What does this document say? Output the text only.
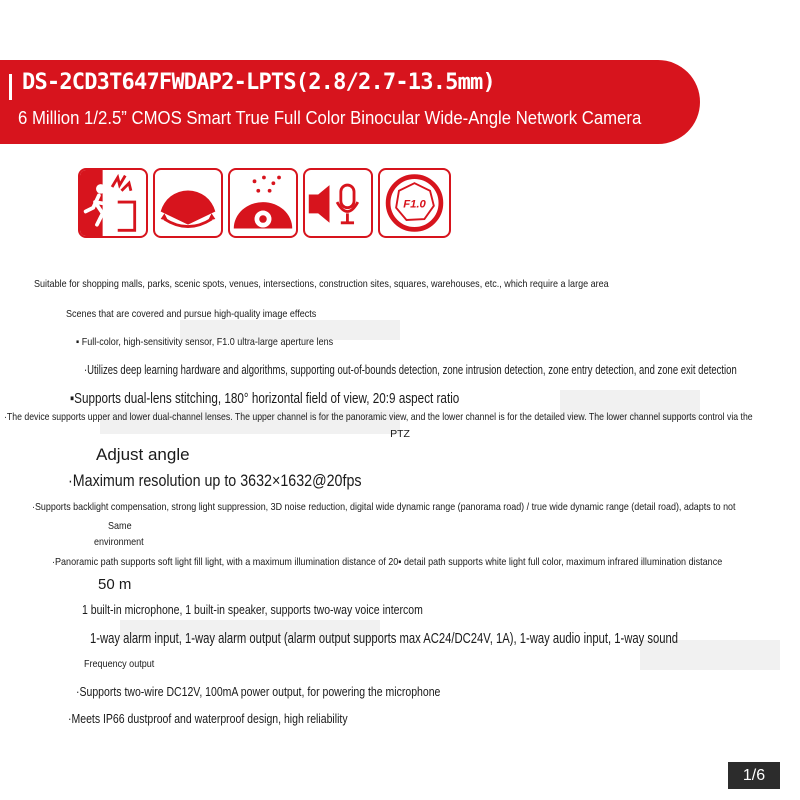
DS-2CD3T647FWDAP2-LPTS(2.8/2.7-13.5mm)
6 Million 1/2.5” CMOS Smart True Full Color Binocular Wide-Angle Network Camera
F1.0
Suitable for shopping malls, parks, scenic spots, venues, intersections, construction sites, squares, warehouses, etc., which require a large area
Scenes that are covered and pursue high-quality image effects
▪ Full-color, high-sensitivity sensor, F1.0 ultra-large aperture lens
·Utilizes deep learning hardware and algorithms, supporting out-of-bounds detection, zone intrusion detection, zone entry detection, and zone exit detection
▪Supports dual-lens stitching, 180° horizontal field of view, 20:9 aspect ratio
·The device supports upper and lower dual-channel lenses. The upper channel is for the panoramic view, and the lower channel is for the detailed view. The lower channel supports control via the
PTZ
Adjust angle
·Maximum resolution up to 3632×1632@20fps
·Supports backlight compensation, strong light suppression, 3D noise reduction, digital wide dynamic range (panorama road) / true wide dynamic range (detail road), adapts to not
Same
environment
·Panoramic path supports soft light fill light, with a maximum illumination distance of 20▪ detail path supports white light full color, maximum infrared illumination distance
50 m
1 built-in microphone, 1 built-in speaker, supports two-way voice intercom
1-way alarm input, 1-way alarm output (alarm output supports max AC24/DC24V, 1A), 1-way audio input, 1-way sound
Frequency output
·Supports two-wire DC12V, 100mA power output, for powering the microphone
·Meets IP66 dustproof and waterproof design, high reliability
1/6
